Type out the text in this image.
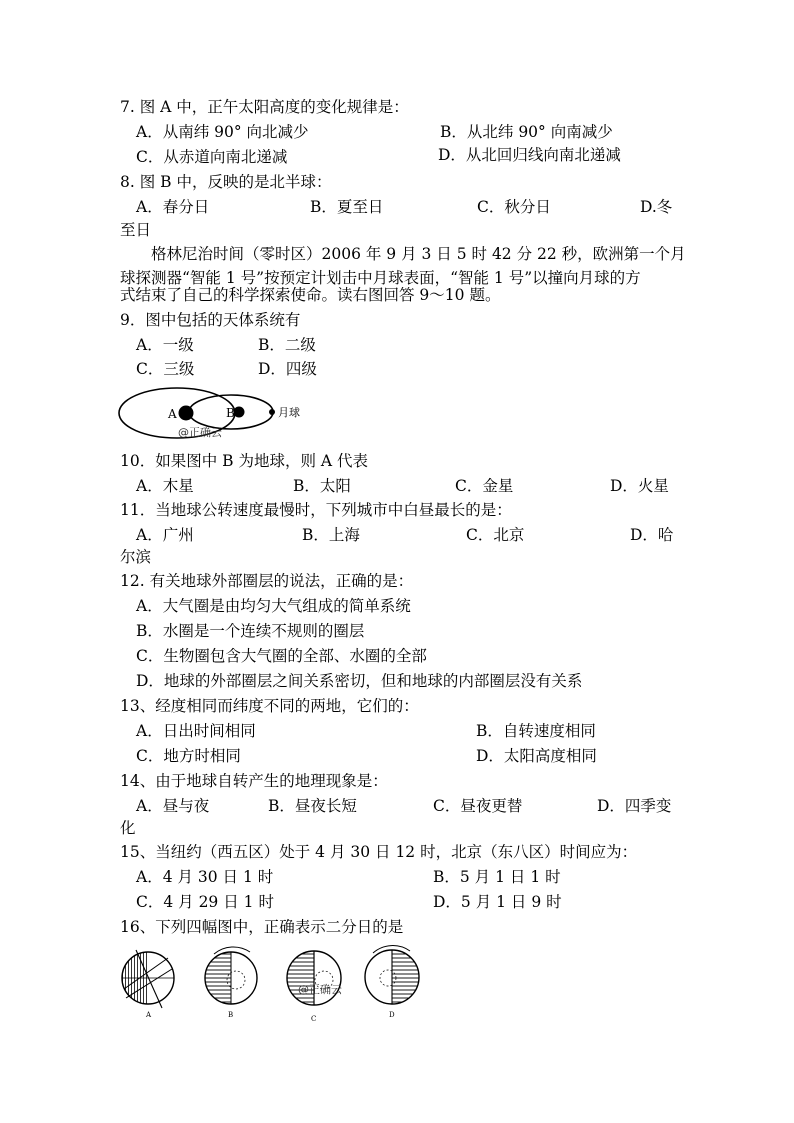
7. 图 A 中，正午太阳高度的变化规律是：
A．从南纬 90° 向北减少	B．从北纬 90° 向南减少
C．从赤道向南北递减	D．从北回归线向南北递减
8. 图 B 中，反映的是北半球：
A．春分日	B．夏至日	C．秋分日	D.冬
至日
格林尼治时间（零时区）2006 年 9 月 3 日 5 时 42 分 22 秒，欧洲第一个月
球探测器“智能 1 号”按预定计划击中月球表面，“智能 1 号”以撞向月球的方
式结束了自己的科学探索使命。读右图回答 9～10 题。
9．图中包括的天体系统有
A．一级	B．二级
C．三级	D．四级
A	B	月球
@正确云
10．如果图中 B 为地球，则 A 代表
A．木星	B．太阳	C．金星	D．火星
11．当地球公转速度最慢时，下列城市中白昼最长的是：
A．广州	B．上海	C．北京	D．哈
尔滨
12. 有关地球外部圈层的说法，正确的是：
A．大气圈是由均匀大气组成的简单系统
B．水圈是一个连续不规则的圈层
C．生物圈包含大气圈的全部、水圈的全部
D．地球的外部圈层之间关系密切，但和地球的内部圈层没有关系
13、经度相同而纬度不同的两地，它们的：
A．日出时间相同	B．自转速度相同
C．地方时相同	D．太阳高度相同
14、由于地球自转产生的地理现象是：
A．昼与夜	B．昼夜长短	C．昼夜更替	D．四季变
化
15、当纽约（西五区）处于 4 月 30 日 12 时，北京（东八区）时间应为：
A．4 月 30 日 1 时	B．5 月 1 日 1 时
C．4 月 29 日 1 时	D．5 月 1 日 9 时
16、下列四幅图中，正确表示二分日的是
A	B
@正确云
C	D
